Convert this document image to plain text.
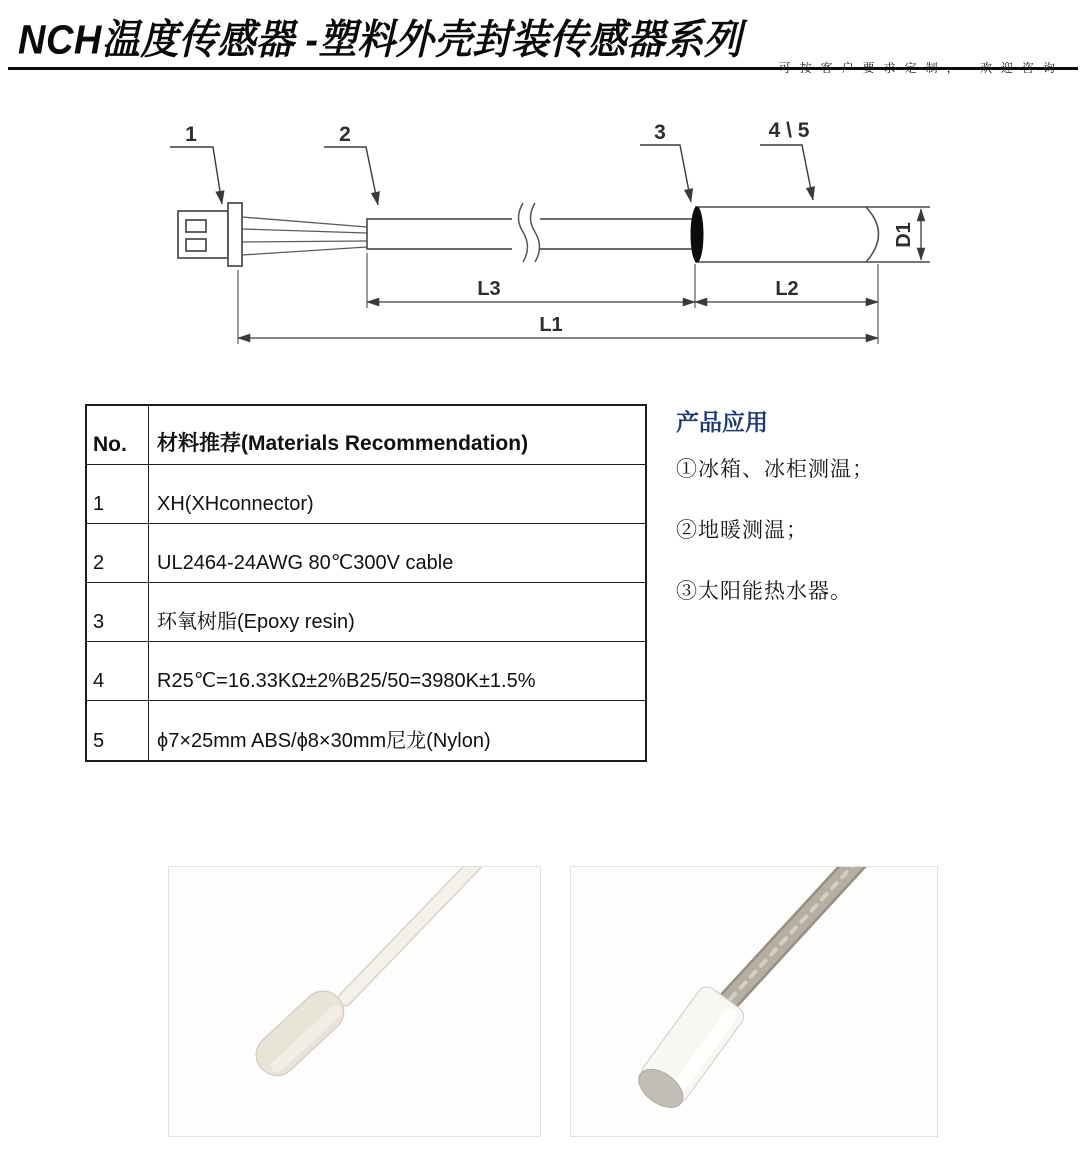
NCH温度传感器 -塑料外壳封装传感器系列
可按客户要求定制， 欢迎咨询
1	2	3	4 \ 5
L3	L2
L1
D1
No.	材料推荐(Materials Recommendation)
1	XH(XHconnector)
2	UL2464-24AWG 80℃300V cable
3	环氧树脂(Epoxy resin)
4	R25℃=16.33KΩ±2%B25/50=3980K±1.5%
5	ϕ7×25mm ABS/ϕ8×30mm尼龙(Nylon)

产品应用

①冰箱、冰柜测温；

②地暖测温；

③太阳能热水器。
